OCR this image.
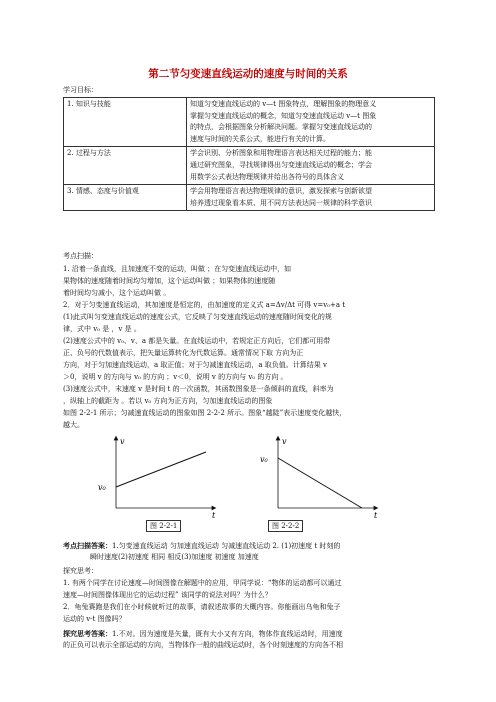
第二节匀变速直线运动的速度与时间的关系
学习目标：
1. 知识与技能	知道匀变速直线运动的 v—t 图象特点，理解图象的物理意义
掌握匀变速直线运动的概念，知道匀变速直线运动 v—t 图象
的特点，会根据图象分析解决问题。掌握匀变速直线运动的
速度与时间的关系公式，能进行有关的计算。

2. 过程与方法	学会识别、分析图象和用物理语言表达相关过程的能力；能
通过研究图象，寻找规律得出匀变速直线运动的概念；学会
用数学公式表达物理规律并给出各符号的具体含义

3. 情感、态度与价值观	学会用物理语言表达物理规律的意识，激发探索与创新欲望
培养透过现象看本质、用不同方法表达同一规律的科学意识
考点扫描：
1. 沿着一条直线，且加速度不变的运动，叫做 ；在匀变速直线运动中，如
果物体的速度随着时间均匀增加，这个运动叫做 ；如果物体的速度随
着时间均匀减小，这个运动叫做 。
2．对于匀变速直线运动，其加速度是恒定的，由加速度的定义式 a=Δv/Δt 可得 v=v₀+a t
(1)此式叫匀变速直线运动的速度公式，它反映了匀变速直线运动的速度随时间变化的规
律，式中 v₀ 是 ，v 是 。
(2)速度公式中的 v₀、v、a 都是矢量。在直线运动中，若规定正方向后，它们都可用带
正、负号的代数值表示，把矢量运算转化为代数运算。通常情况下取 方向为正
方向，对于匀加速直线运动，a 取正值；对于匀减速直线运动，a 取负值。计算结果 v
＞0，说明 v 的方向与 v₀ 的方向 ；v＜0，说明 v 的方向与 v₀ 的方向 。
(3)速度公式中，末速度 v 是时间 t 的一次函数，其函数图象是一条倾斜的直线，斜率为
，纵轴上的截距为 。若以 v₀ 方向为正方向，匀加速直线运动的图象
如图 2-2-1 所示；匀减速直线运动的图象如图 2-2-2 所示。图象“越陡”表示速度变化越快，
越大。
v
t
v₀
图 2-2-1
v
t
v₀
图 2-2-2
考点扫描答案：1.匀变速直线运动 匀加速直线运动 匀减速直线运动 2. (1)初速度 t 时刻的
瞬时速度(2)初速度 相同 相反(3)加速度 初速度 加速度
探究思考：
1. 有两个同学在讨论速度—时间图像在解题中的应用，甲同学说：“物体的运动都可以通过
速度—时间图像体现出它的运动过程” 该同学的说法对吗？为什么？
2．龟兔赛跑是我们在小时候就听过的故事，请叙述故事的大概内容。你能画出乌龟和兔子
运动的 v-t 图像吗？
探究思考答案：1.不对。因为速度是矢量，既有大小又有方向，物体作直线运动时，用速度
的正负可以表示全部运动的方向，当物体作一般的曲线运动时，各个时刻速度的方向各不相
